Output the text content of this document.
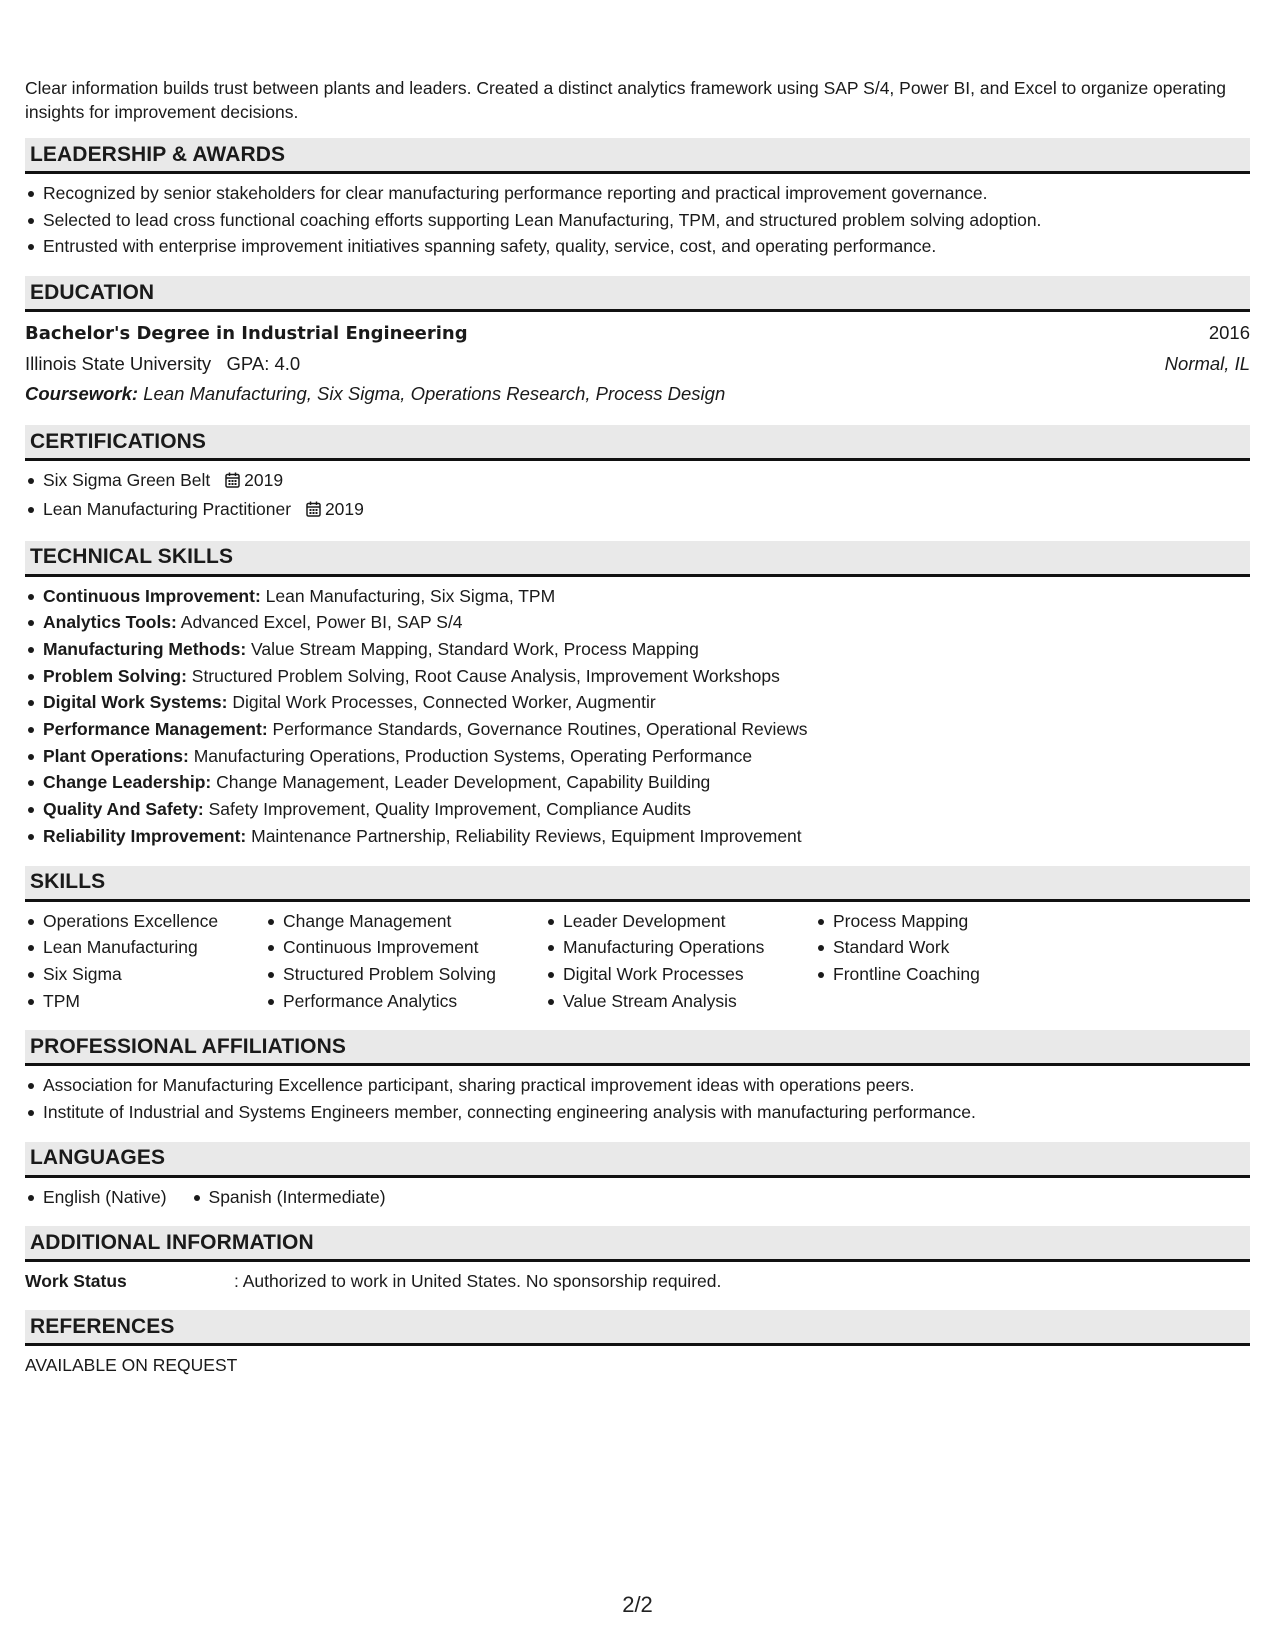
Clear information builds trust between plants and leaders. Created a distinct analytics framework using SAP S/4, Power BI, and Excel to organize operating insights for improvement decisions.

LEADERSHIP & AWARDS
Recognized by senior stakeholders for clear manufacturing performance reporting and practical improvement governance.
Selected to lead cross functional coaching efforts supporting Lean Manufacturing, TPM, and structured problem solving adoption.
Entrusted with enterprise improvement initiatives spanning safety, quality, service, cost, and operating performance.
EDUCATION
Bachelor's Degree in Industrial Engineering	2016
Illinois State University   GPA: 4.0	Normal, IL
Coursework: Lean Manufacturing, Six Sigma, Operations Research, Process Design
CERTIFICATIONS
Six Sigma Green Belt 2019
Lean Manufacturing Practitioner 2019
TECHNICAL SKILLS
Continuous Improvement: Lean Manufacturing, Six Sigma, TPM
Analytics Tools: Advanced Excel, Power BI, SAP S/4
Manufacturing Methods: Value Stream Mapping, Standard Work, Process Mapping
Problem Solving: Structured Problem Solving, Root Cause Analysis, Improvement Workshops
Digital Work Systems: Digital Work Processes, Connected Worker, Augmentir
Performance Management: Performance Standards, Governance Routines, Operational Reviews
Plant Operations: Manufacturing Operations, Production Systems, Operating Performance
Change Leadership: Change Management, Leader Development, Capability Building
Quality And Safety: Safety Improvement, Quality Improvement, Compliance Audits
Reliability Improvement: Maintenance Partnership, Reliability Reviews, Equipment Improvement
SKILLS
Operations Excellence
Lean Manufacturing
Six Sigma
TPM
Change Management
Continuous Improvement
Structured Problem Solving
Performance Analytics
Leader Development
Manufacturing Operations
Digital Work Processes
Value Stream Analysis
Process Mapping
Standard Work
Frontline Coaching
PROFESSIONAL AFFILIATIONS
Association for Manufacturing Excellence participant, sharing practical improvement ideas with operations peers.
Institute of Industrial and Systems Engineers member, connecting engineering analysis with manufacturing performance.
LANGUAGES
English (Native)	Spanish (Intermediate)
ADDITIONAL INFORMATION
Work Status	: Authorized to work in United States. No sponsorship required.
REFERENCES
AVAILABLE ON REQUEST
2/2
